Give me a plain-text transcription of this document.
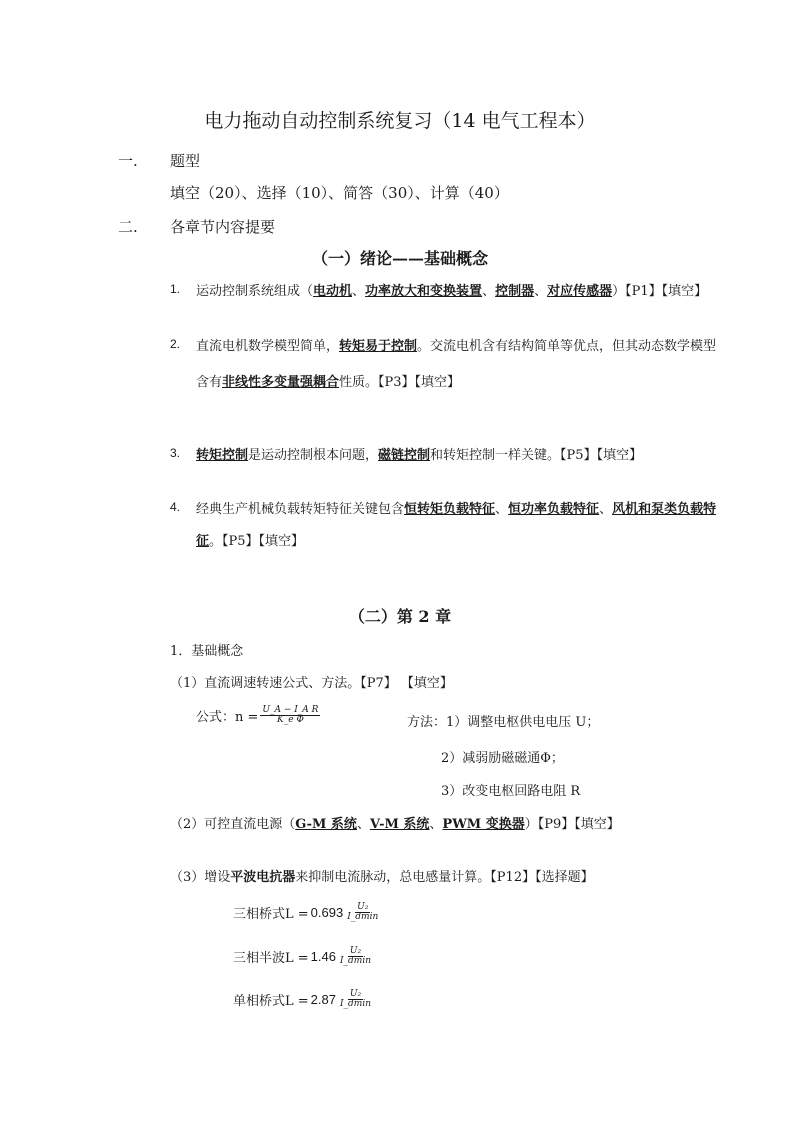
电力拖动自动控制系统复习（14 电气工程本）
一. 题型
填空（20）、选择（10）、简答（30）、计算（40）
二. 各章节内容提要
（一）绪论——基础概念
1. 运动控制系统组成（电动机、功率放大和变换装置、控制器、对应传感器）【P1】【填空】
2. 直流电机数学模型简单，转矩易于控制。交流电机含有结构简单等优点，但其动态数学模型
含有非线性多变量强耦合性质。【P3】【填空】
3. 转矩控制是运动控制根本问题，磁链控制和转矩控制一样关键。【P5】【填空】
4. 经典生产机械负载转矩特征关键包含恒转矩负载特征、恒功率负载特征、风机和泵类负载特
征。【P5】【填空】
（二）第 2 章
1．基础概念
（1）直流调速转速公式、方法。【P7】 【填空】
公式：$n = \frac{\text{U\_A − I\_A R}}{\text{K\_e Φ}}$	方法：1）调整电枢供电电压 U；
2）减弱励磁磁通Φ；
3）改变电枢回路电阻 R
（2）可控直流电源（G-M 系统、V-M 系统、PWM 变换器）【P9】【填空】
（3）增设平波电抗器来抑制电流脉动，总电感量计算。【P12】【选择题】
三相桥式$L = 0.693 \frac{\text{U₂}}{I\_dmin}$
三相半波$L = 1.46 \frac{\text{U₂}}{I\_dmin}$
单相桥式$L = 2.87 \frac{\text{U₂}}{I\_dmin}$
